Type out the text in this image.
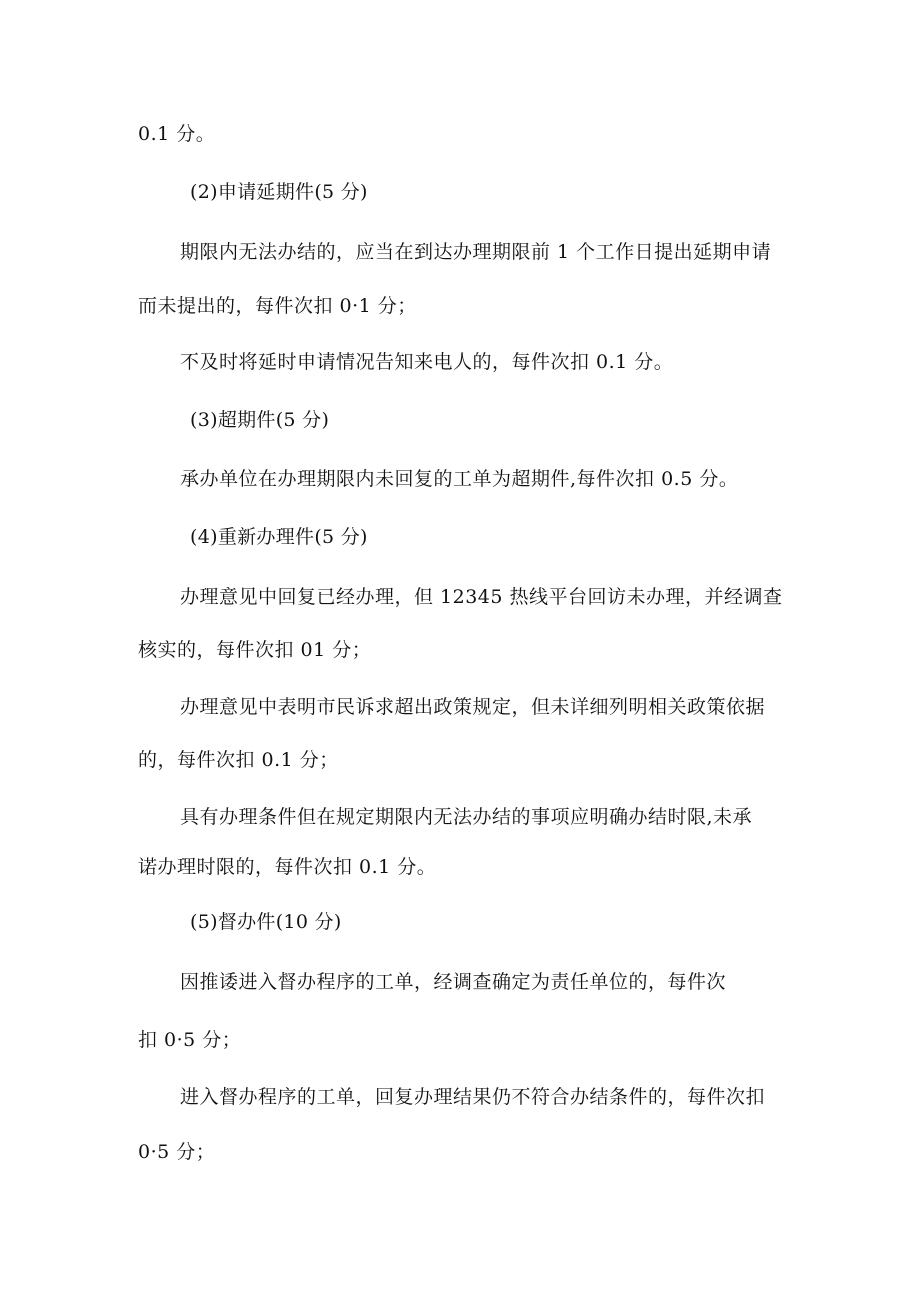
0.1 分。

(2)申请延期件(5 分)

期限内无法办结的，应当在到达办理期限前 1 个工作日提出延期申请

而未提出的，每件次扣 0·1 分；

不及时将延时申请情况告知来电人的，每件次扣 0.1 分。

(3)超期件(5 分)

承办单位在办理期限内未回复的工单为超期件,每件次扣 0.5 分。

(4)重新办理件(5 分)

办理意见中回复已经办理，但 12345 热线平台回访未办理，并经调查

核实的，每件次扣 01 分；

办理意见中表明市民诉求超出政策规定，但未详细列明相关政策依据

的，每件次扣 0.1 分；

具有办理条件但在规定期限内无法办结的事项应明确办结时限,未承

诺办理时限的，每件次扣 0.1 分。

(5)督办件(10 分)

因推诿进入督办程序的工单，经调查确定为责任单位的，每件次

扣 0·5 分；

进入督办程序的工单，回复办理结果仍不符合办结条件的，每件次扣

0·5 分；
